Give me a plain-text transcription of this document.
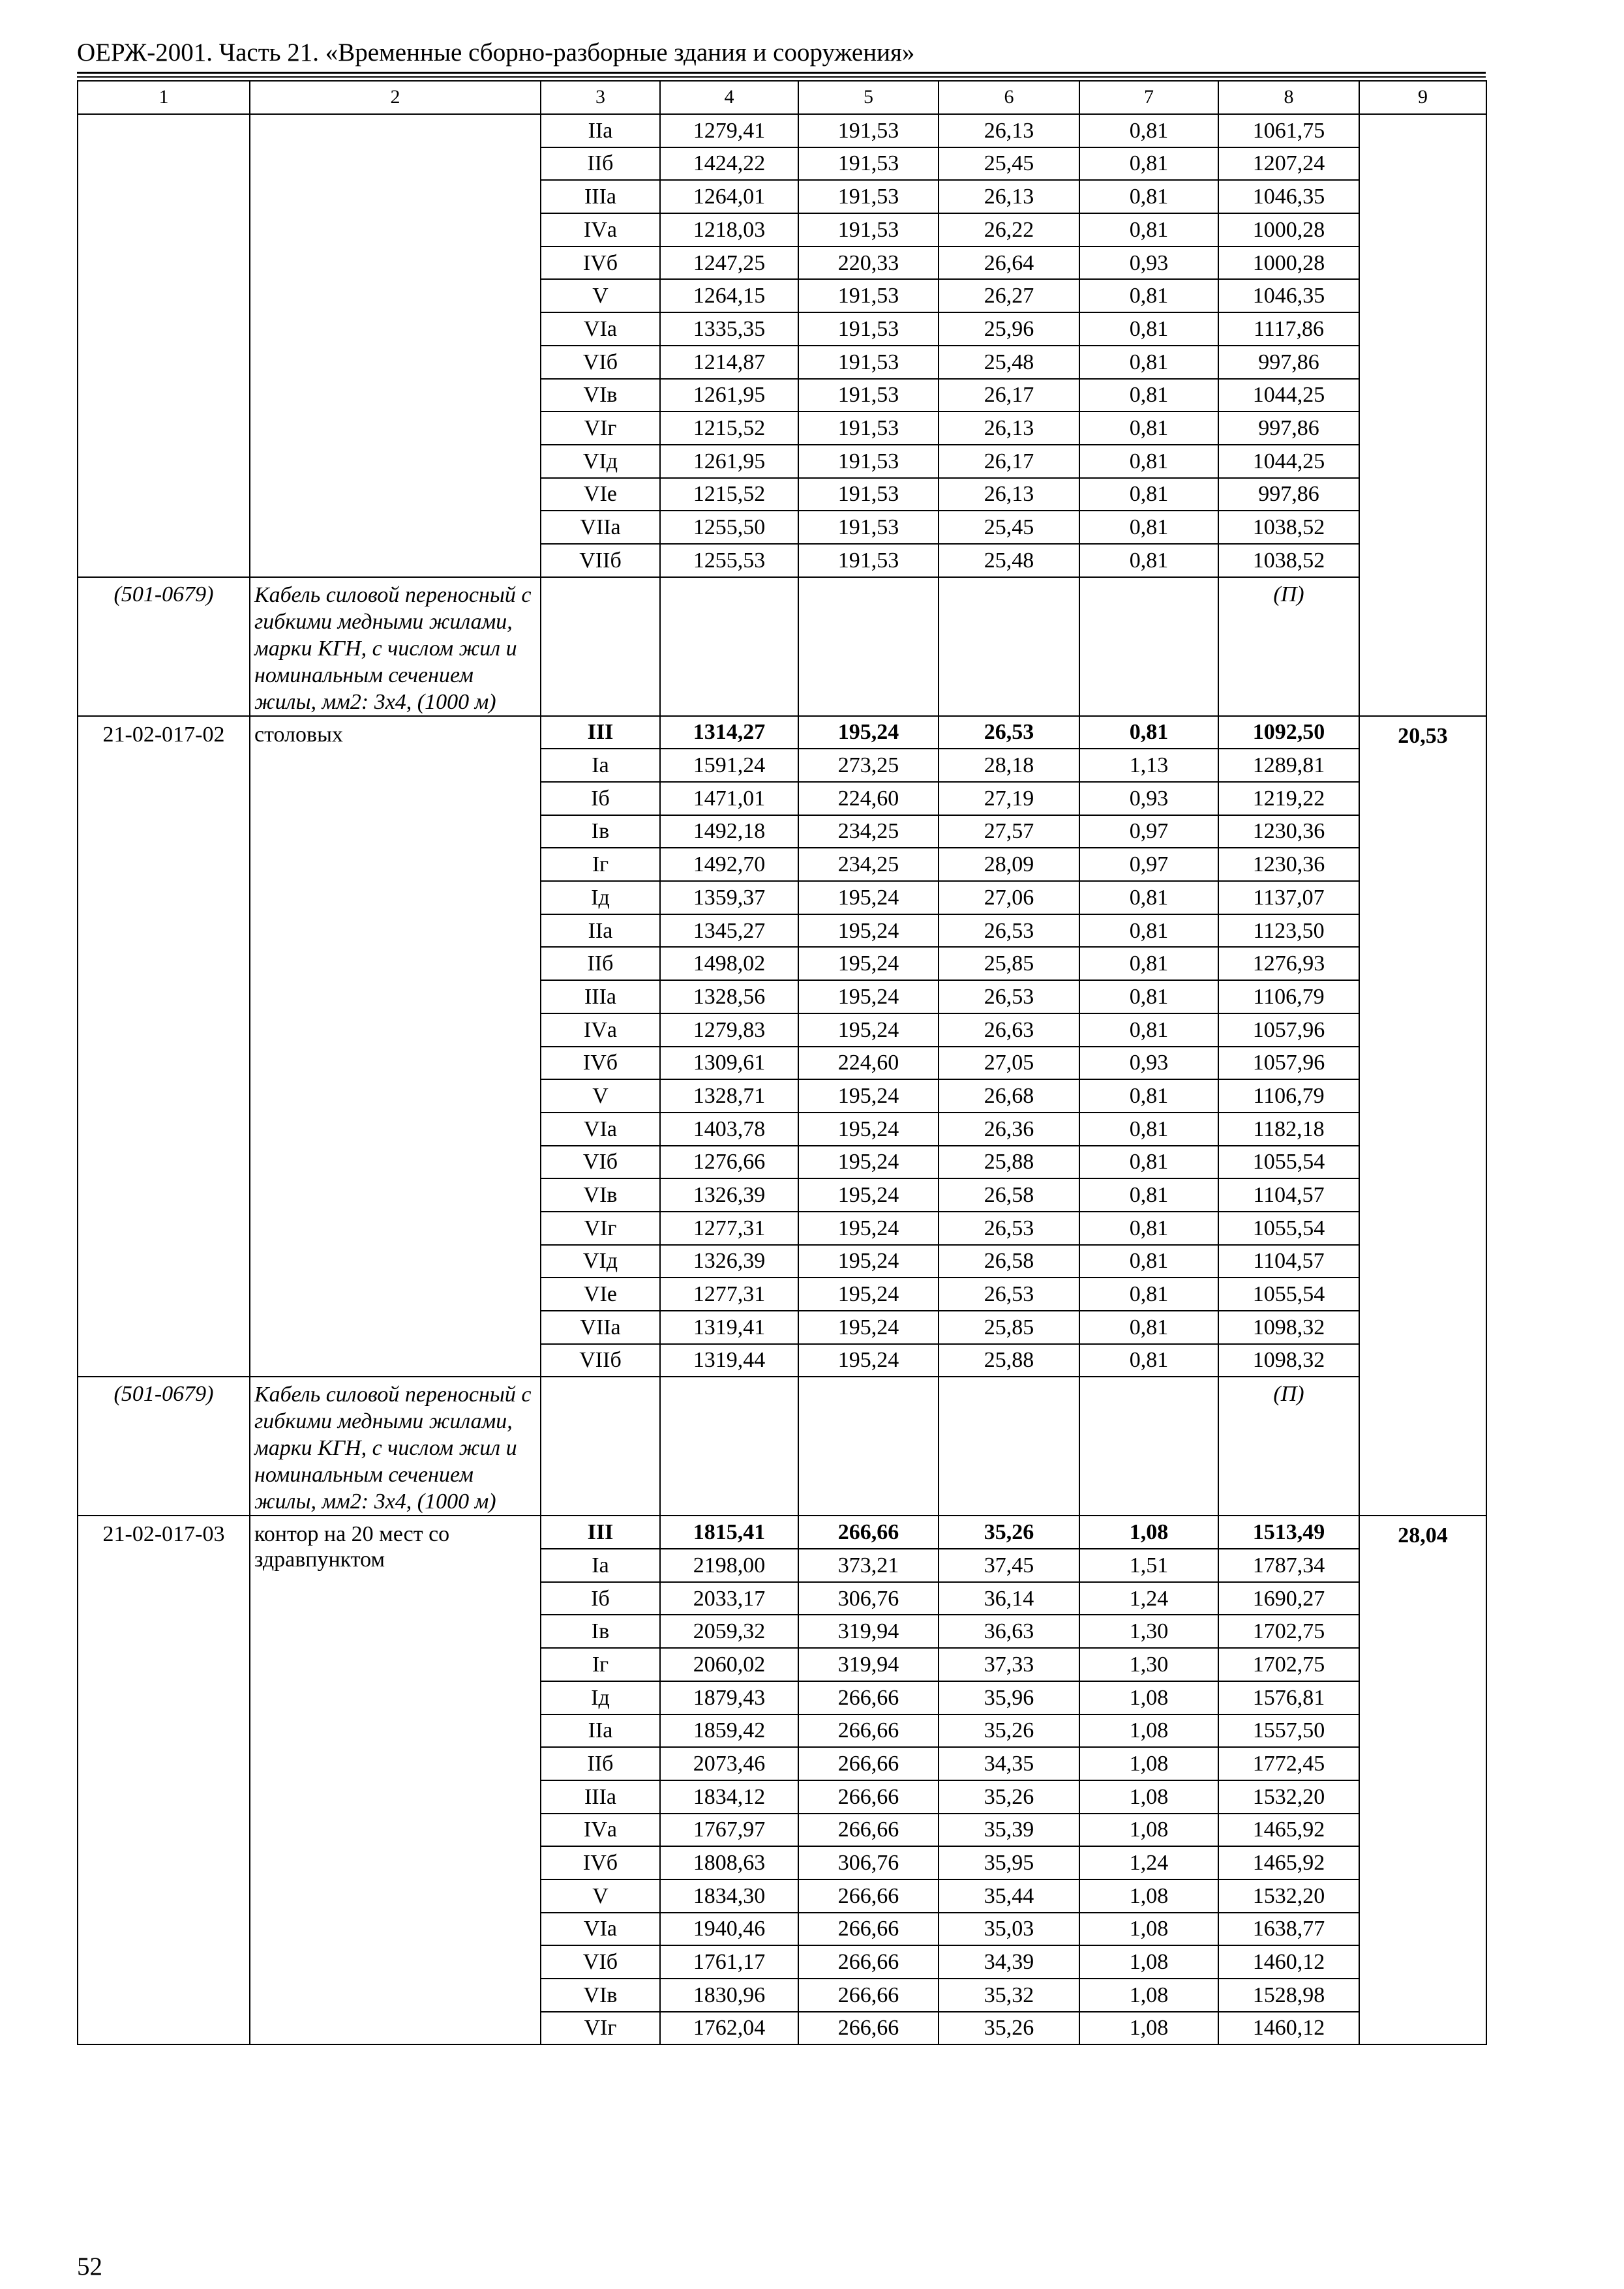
ОЕРЖ-2001. Часть 21. «Временные сборно-разборные здания и сооружения»
1	2	3	4	5	6	7	8	9
		IIа	1279,41	191,53	26,13	0,81	1061,75	
		IIб	1424,22	191,53	25,45	0,81	1207,24	
		IIIа	1264,01	191,53	26,13	0,81	1046,35	
		IVа	1218,03	191,53	26,22	0,81	1000,28	
		IVб	1247,25	220,33	26,64	0,93	1000,28	
		V	1264,15	191,53	26,27	0,81	1046,35	
		VIа	1335,35	191,53	25,96	0,81	1117,86	
		VIб	1214,87	191,53	25,48	0,81	997,86	
		VIв	1261,95	191,53	26,17	0,81	1044,25	
		VIг	1215,52	191,53	26,13	0,81	997,86	
		VIд	1261,95	191,53	26,17	0,81	1044,25	
		VIе	1215,52	191,53	26,13	0,81	997,86	
		VIIа	1255,50	191,53	25,45	0,81	1038,52	
		VIIб	1255,53	191,53	25,48	0,81	1038,52	
(501-0679)	Кабель силовой переносный с гибкими медными жилами, марки КГН, с числом жил и номинальным сечением жилы, мм2: 3х4, (1000 м)						(П)	
21-02-017-02	столовых	III	1314,27	195,24	26,53	0,81	1092,50	20,53
		Iа	1591,24	273,25	28,18	1,13	1289,81	
		Iб	1471,01	224,60	27,19	0,93	1219,22	
		Iв	1492,18	234,25	27,57	0,97	1230,36	
		Iг	1492,70	234,25	28,09	0,97	1230,36	
		Iд	1359,37	195,24	27,06	0,81	1137,07	
		IIа	1345,27	195,24	26,53	0,81	1123,50	
		IIб	1498,02	195,24	25,85	0,81	1276,93	
		IIIа	1328,56	195,24	26,53	0,81	1106,79	
		IVа	1279,83	195,24	26,63	0,81	1057,96	
		IVб	1309,61	224,60	27,05	0,93	1057,96	
		V	1328,71	195,24	26,68	0,81	1106,79	
		VIа	1403,78	195,24	26,36	0,81	1182,18	
		VIб	1276,66	195,24	25,88	0,81	1055,54	
		VIв	1326,39	195,24	26,58	0,81	1104,57	
		VIг	1277,31	195,24	26,53	0,81	1055,54	
		VIд	1326,39	195,24	26,58	0,81	1104,57	
		VIе	1277,31	195,24	26,53	0,81	1055,54	
		VIIа	1319,41	195,24	25,85	0,81	1098,32	
		VIIб	1319,44	195,24	25,88	0,81	1098,32	
(501-0679)	Кабель силовой переносный с гибкими медными жилами, марки КГН, с числом жил и номинальным сечением жилы, мм2: 3х4, (1000 м)						(П)	
21-02-017-03	контор на 20 мест со здравпунктом	III	1815,41	266,66	35,26	1,08	1513,49	28,04
		Iа	2198,00	373,21	37,45	1,51	1787,34	
		Iб	2033,17	306,76	36,14	1,24	1690,27	
		Iв	2059,32	319,94	36,63	1,30	1702,75	
		Iг	2060,02	319,94	37,33	1,30	1702,75	
		Iд	1879,43	266,66	35,96	1,08	1576,81	
		IIа	1859,42	266,66	35,26	1,08	1557,50	
		IIб	2073,46	266,66	34,35	1,08	1772,45	
		IIIа	1834,12	266,66	35,26	1,08	1532,20	
		IVа	1767,97	266,66	35,39	1,08	1465,92	
		IVб	1808,63	306,76	35,95	1,24	1465,92	
		V	1834,30	266,66	35,44	1,08	1532,20	
		VIа	1940,46	266,66	35,03	1,08	1638,77	
		VIб	1761,17	266,66	34,39	1,08	1460,12	
		VIв	1830,96	266,66	35,32	1,08	1528,98	
		VIг	1762,04	266,66	35,26	1,08	1460,12	
52
